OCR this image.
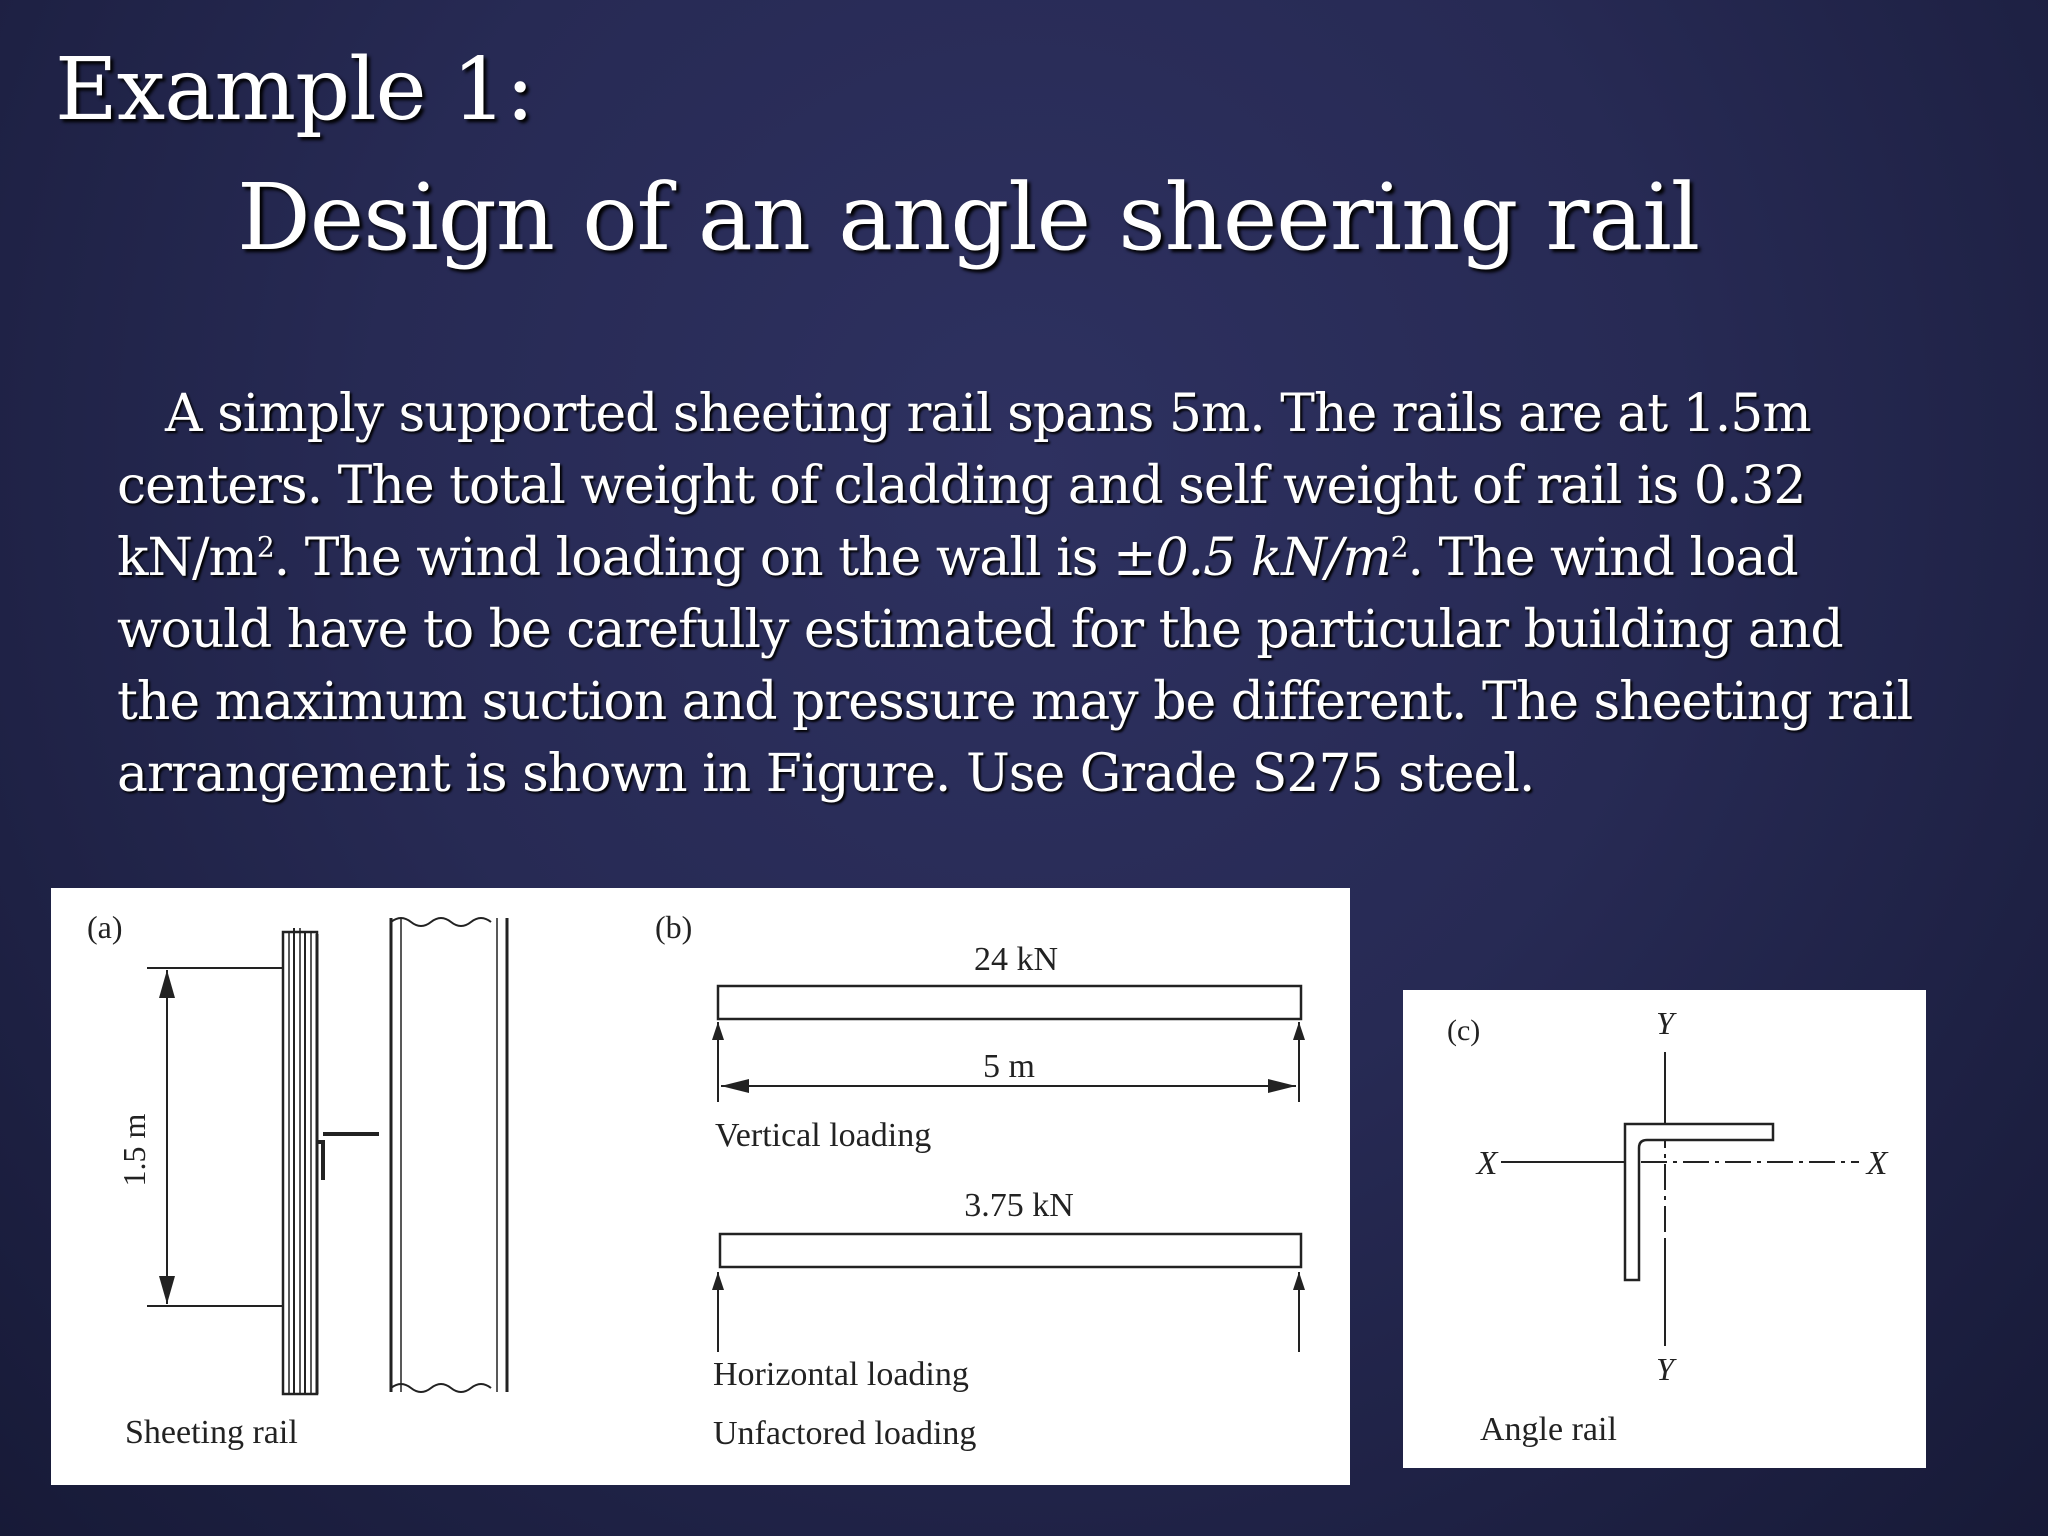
Example 1:
Design of an angle sheering rail

A simply supported sheeting rail spans 5m. The rails are at 1.5m

centers. The total weight of cladding and self weight of rail is 0.32

$kN/m^2$. The wind loading on the wall is ±0.5 $kN/m^2$. The wind load

would have to be carefully estimated for the particular building and

the maximum suction and pressure may be different. The sheeting rail

arrangement is shown in Figure. Use Grade S275 steel.

(a)
1.5 m
Sheeting rail
(b)
24 kN
5 m
Vertical loading
3.75 kN
Horizontal loading
Unfactored loading
(c)	Y
Y
X	X
Angle rail
